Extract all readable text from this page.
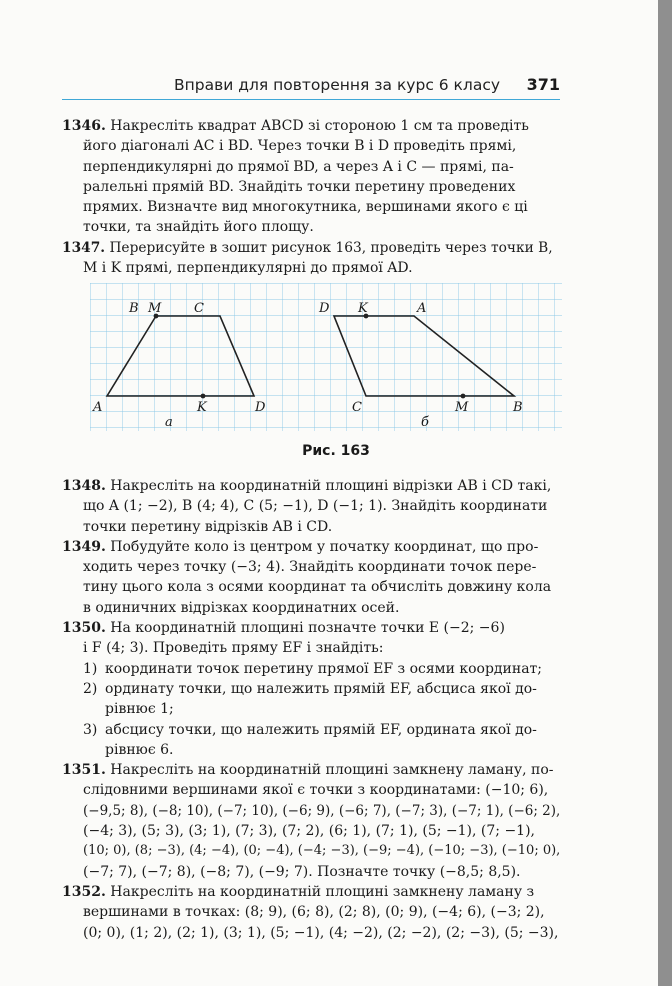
Вправи для повторення за курс 6 класу 371
1346. Накресліть квадрат ABCD зі стороною 1 см та проведіть
його діагоналі AC і BD. Через точки B і D проведіть прямі,
перпендикулярні до прямої BD, а через A і C — прямі, па-
ралельні прямій BD. Знайдіть точки перетину проведених
прямих. Визначте вид многокутника, вершинами якого є ці
точки, та знайдіть його площу.
1347. Перерисуйте в зошит рисунок 163, проведіть через точки B,
M і K прямі, перпендикулярні до прямої AD.
B M	C
A	K	D
а
D K	A
C	M	B
б
Рис. 163
1348. Накресліть на координатній площині відрізки AB і CD такі,
що A (1; −2), B (4; 4), C (5; −1), D (−1; 1). Знайдіть координати
точки перетину відрізків AB і CD.
1349. Побудуйте коло із центром у початку координат, що про-
ходить через точку (−3; 4). Знайдіть координати точок пере-
тину цього кола з осями координат та обчисліть довжину кола
в одиничних відрізках координатних осей.
1350. На координатній площині позначте точки E (−2; −6)
і F (4; 3). Проведіть пряму EF і знайдіть:
1) координати точок перетину прямої EF з осями координат;
2) ординату точки, що належить прямій EF, абсциса якої до-
рівнює 1;
3) абсцису точки, що належить прямій EF, ордината якої до-
рівнює 6.
1351. Накресліть на координатній площині замкнену ламану, по-
слідовними вершинами якої є точки з координатами: (−10; 6),
(−9,5; 8), (−8; 10), (−7; 10), (−6; 9), (−6; 7), (−7; 3), (−7; 1), (−6; 2),
(−4; 3), (5; 3), (3; 1), (7; 3), (7; 2), (6; 1), (7; 1), (5; −1), (7; −1),
(10; 0), (8; −3), (4; −4), (0; −4), (−4; −3), (−9; −4), (−10; −3), (−10; 0),
(−7; 7), (−7; 8), (−8; 7), (−9; 7). Позначте точку (−8,5; 8,5).
1352. Накресліть на координатній площині замкнену ламану з
вершинами в точках: (8; 9), (6; 8), (2; 8), (0; 9), (−4; 6), (−3; 2),
(0; 0), (1; 2), (2; 1), (3; 1), (5; −1), (4; −2), (2; −2), (2; −3), (5; −3),
